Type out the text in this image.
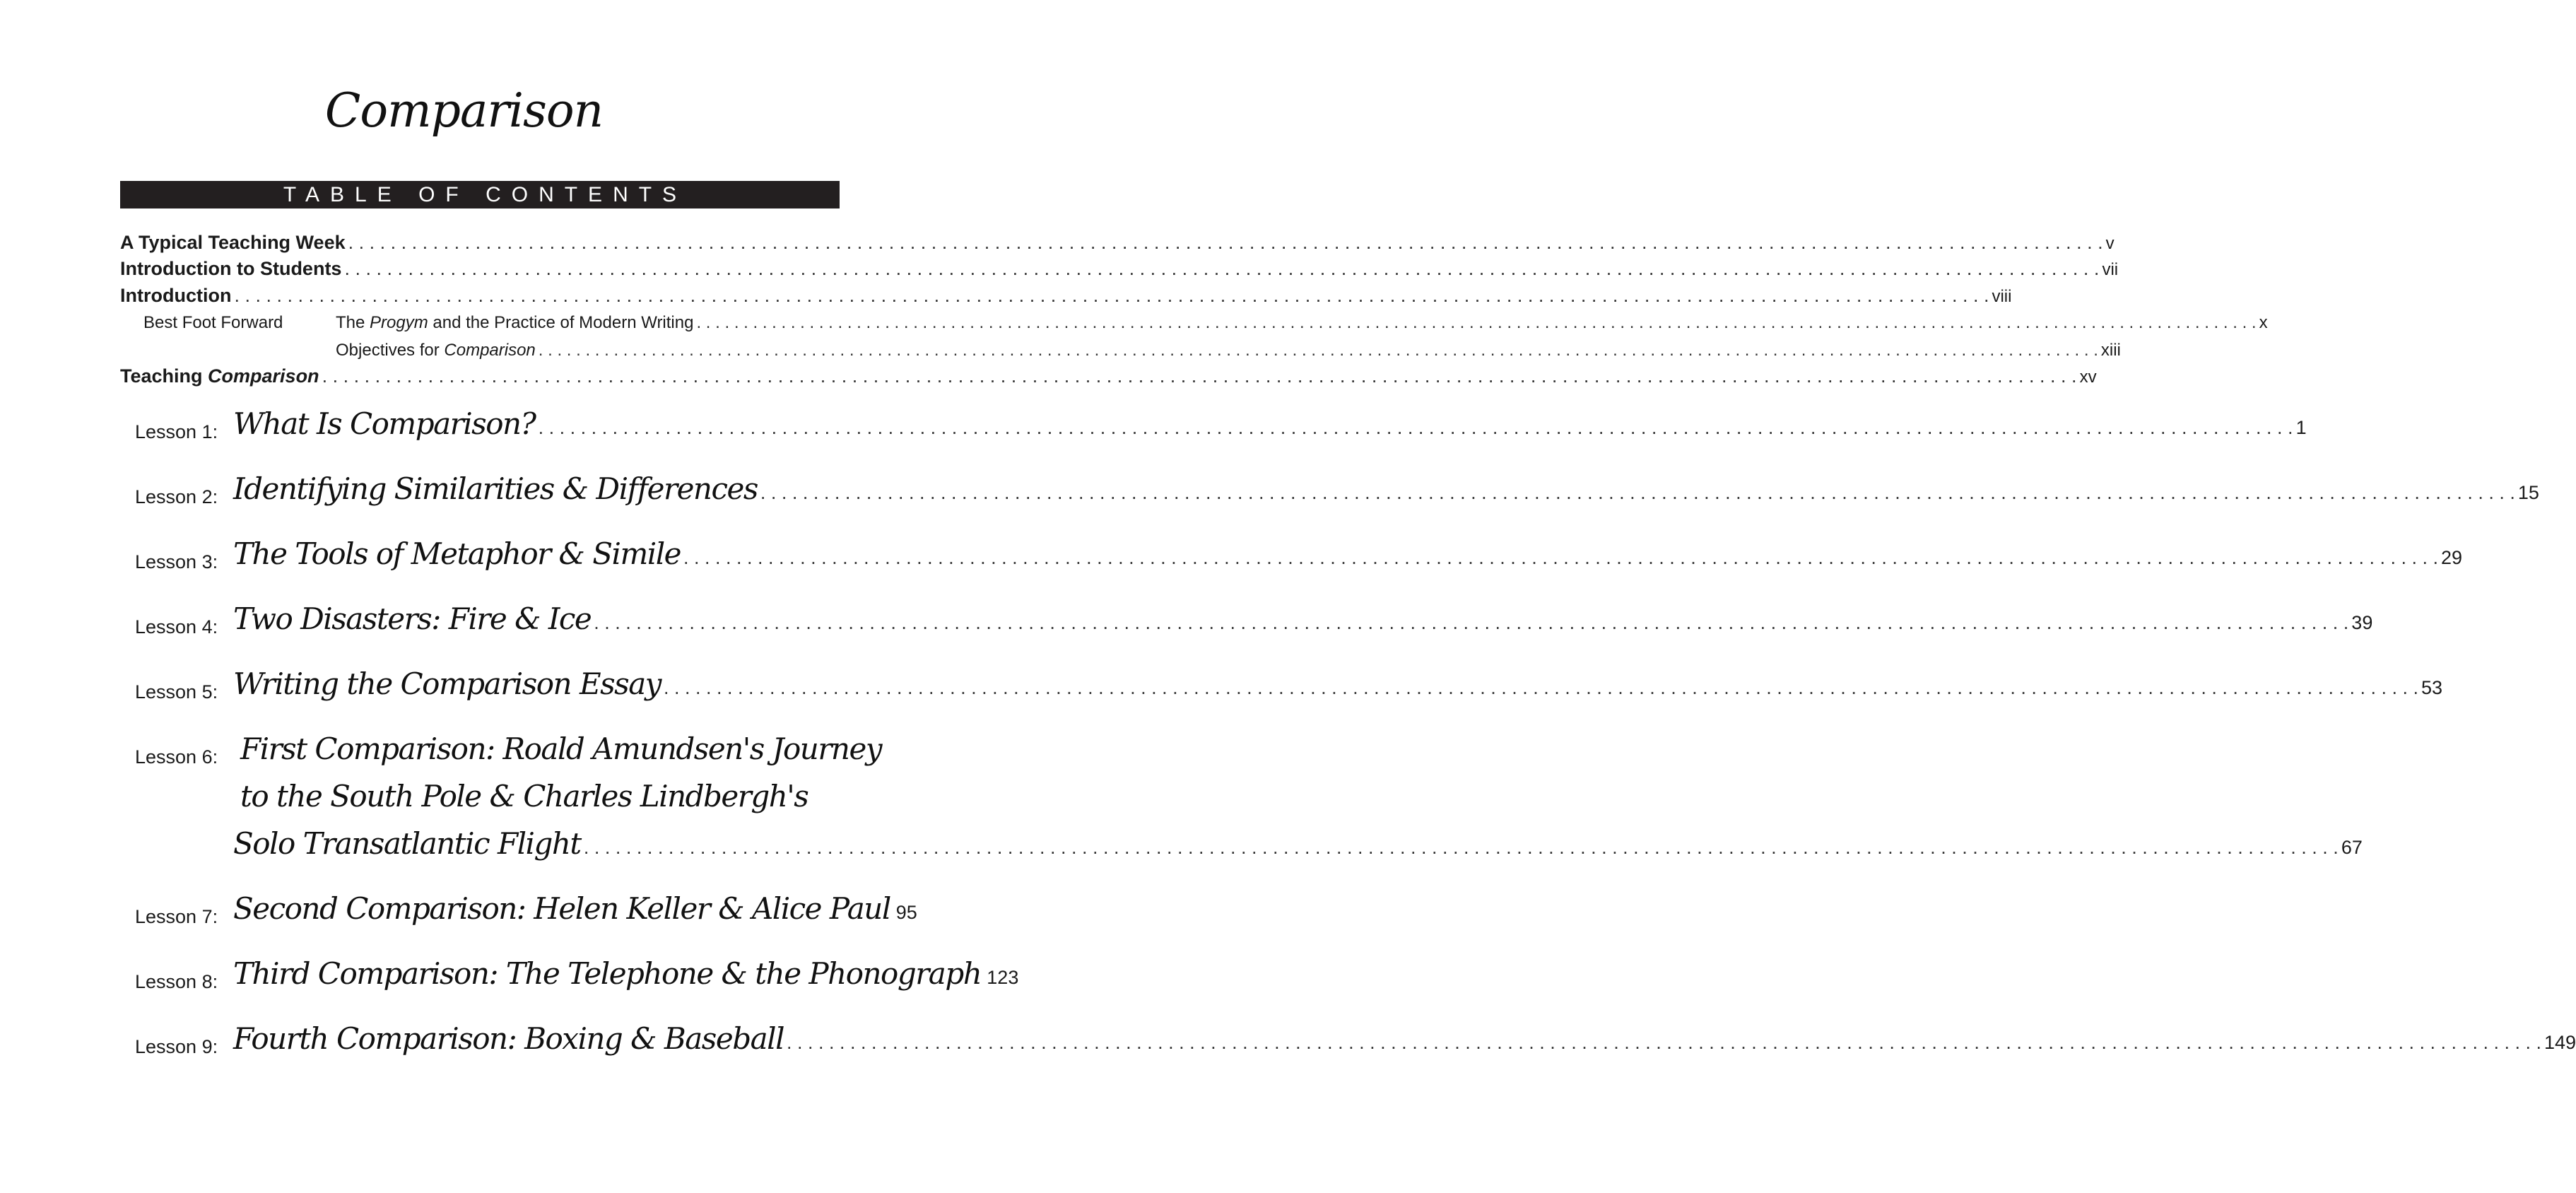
Comparison
TABLE OF CONTENTS
A Typical Teaching Week . . .	v
Introduction to Students . . .	vii
Introduction . . .	viii
Best Foot Forward	The Progym and the Practice of Modern Writing . . .	x
Objectives for Comparison . . .	xiii
Teaching Comparison . . .	xv
Lesson 1: What Is Comparison? . . .	1
Lesson 2: Identifying Similarities & Differences . . .	15
Lesson 3: The Tools of Metaphor & Simile . . .	29
Lesson 4: Two Disasters: Fire & Ice . . .	39
Lesson 5: Writing the Comparison Essay . . .	53
Lesson 6: First Comparison: Roald Amundsen's Journey
to the South Pole & Charles Lindbergh's
Solo Transatlantic Flight . . .	67
Lesson 7: Second Comparison: Helen Keller & Alice Paul 95
Lesson 8: Third Comparison: The Telephone & the Phonograph 123
Lesson 9: Fourth Comparison: Boxing & Baseball . . .	149
